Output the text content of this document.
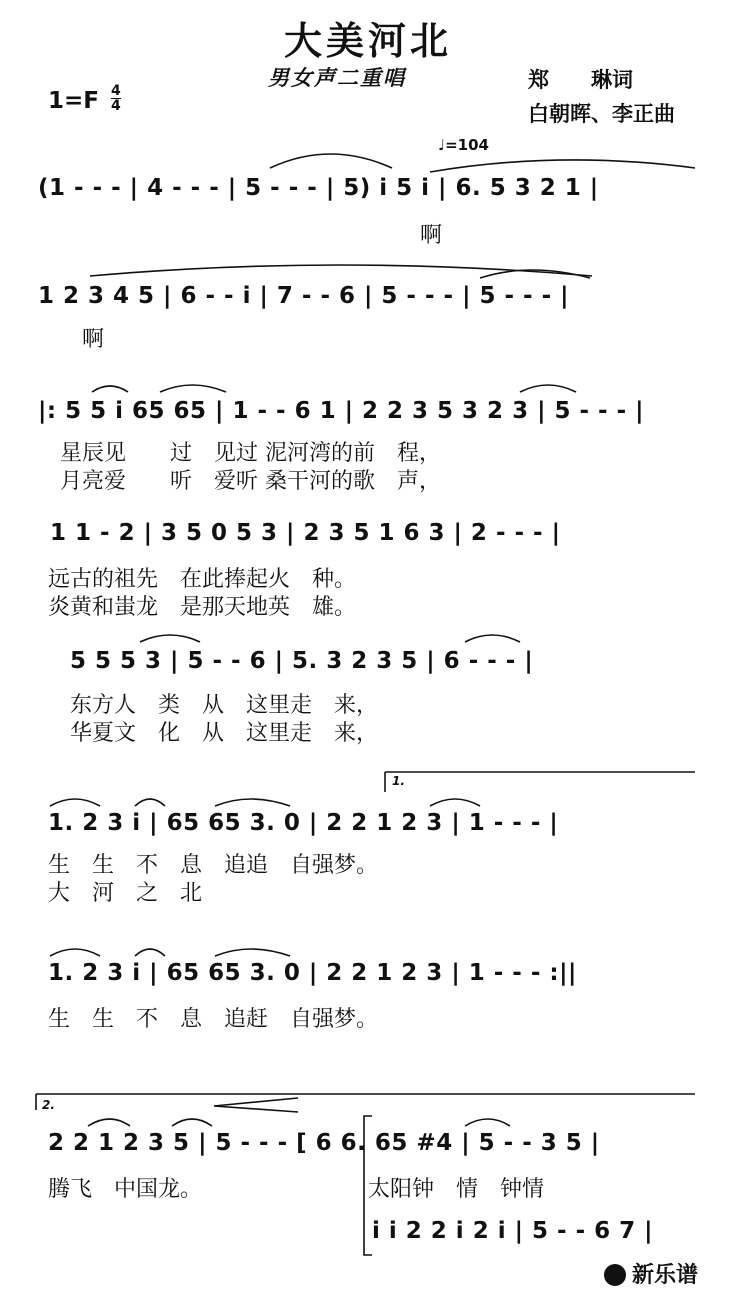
大美河北
男女声二重唱	郑　　琳词
白朝晖、李正曲
1=F 4
4
♩=104
(1 - - - | 4 - - - | 5 - - - | 5) i 5 i | 6. 5 3 2 1 |
啊
1 2 3 4 5 | 6 - - i | 7 - - 6 | 5 - - - | 5 - - - |
啊
|: 5 5 i 65 65 | 1 - - 6 1 | 2 2 3 5 3 2 3 | 5 - - - |
星辰见　　过　见过 泥河湾的前　程，
月亮爱　　听　爱听 桑干河的歌　声，
1 1 - 2 | 3 5 0 5 3 | 2 3 5 1 6 3 | 2 - - - |
远古的祖先　在此捧起火　种。
炎黄和蚩龙　是那天地英　雄。
5 5 5 3 | 5 - - 6 | 5. 3 2 3 5 | 6 - - - |
东方人　类　从　这里走　来，
华夏文　化　从　这里走　来，
1.
1. 2 3 i | 65 65 3. 0 | 2 2 1 2 3 | 1 - - - |
生　生　不　息　追追　自强梦。
大　河　之　北
1. 2 3 i | 65 65 3. 0 | 2 2 1 2 3 | 1 - - - :||
生　生　不　息　追赶　自强梦。
2.
2 2 1 2 3 5 | 5 - - - [ 6 6. 65 #4 | 5 - - 3 5 |
腾飞　中国龙。	太阳钟　情　钟情
i i 2 2 i 2 i | 5 - - 6 7 |
新乐谱
